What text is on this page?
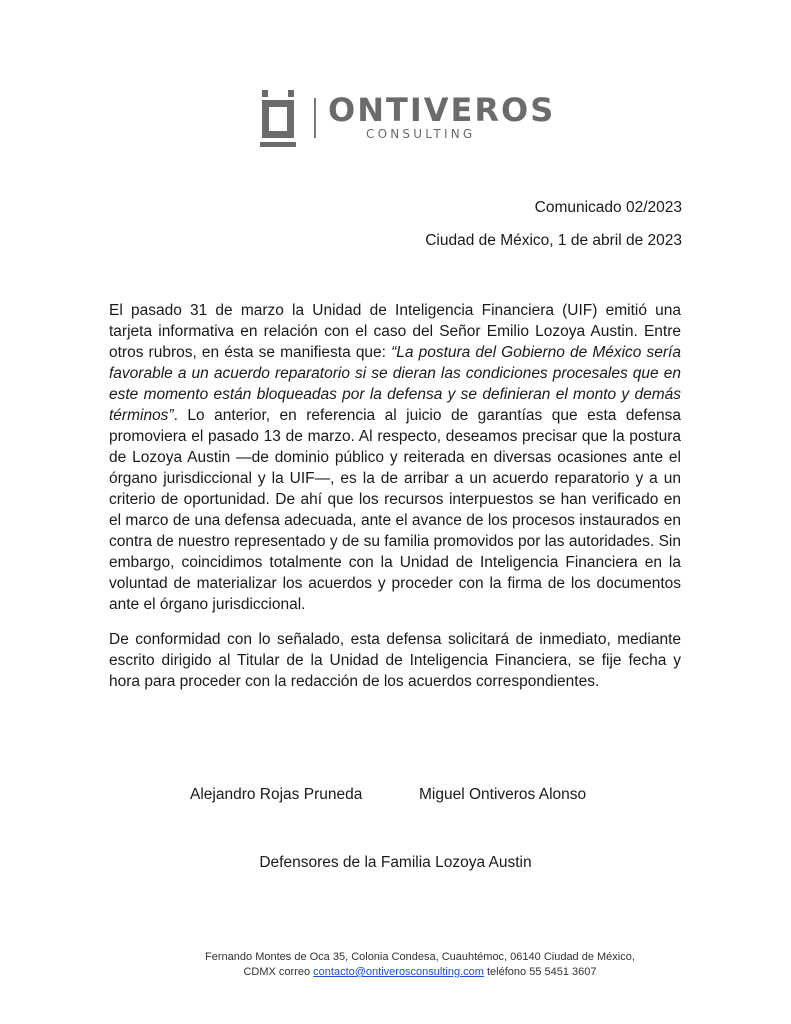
ONTIVEROS
CONSULTING
Comunicado 02/2023
Ciudad de México, 1 de abril de 2023

El pasado 31 de marzo la Unidad de Inteligencia Financiera (UIF) emitió una tarjeta informativa en relación con el caso del Señor Emilio Lozoya Austin. Entre otros rubros, en ésta se manifiesta que: “La postura del Gobierno de México sería favorable a un acuerdo reparatorio si se dieran las condiciones procesales que en este momento están bloqueadas por la defensa y se definieran el monto y demás términos”. Lo anterior, en referencia al juicio de garantías que esta defensa promoviera el pasado 13 de marzo. Al respecto, deseamos precisar que la postura de Lozoya Austin —de dominio público y reiterada en diversas ocasiones ante el órgano jurisdiccional y la UIF—, es la de arribar a un acuerdo reparatorio y a un criterio de oportunidad. De ahí que los recursos interpuestos se han verificado en el marco de una defensa adecuada, ante el avance de los procesos instaurados en contra de nuestro representado y de su familia promovidos por las autoridades. Sin embargo, coincidimos totalmente con la Unidad de Inteligencia Financiera en la voluntad de materializar los acuerdos y proceder con la firma de los documentos ante el órgano jurisdiccional.

De conformidad con lo señalado, esta defensa solicitará de inmediato, mediante escrito dirigido al Titular de la Unidad de Inteligencia Financiera, se fije fecha y hora para proceder con la redacción de los acuerdos correspondientes.

Alejandro Rojas Pruneda	Miguel Ontiveros Alonso
Defensores de la Familia Lozoya Austin
Fernando Montes de Oca 35, Colonia Condesa, Cuauhtémoc, 06140 Ciudad de México,
CDMX correo contacto@ontiverosconsulting.com teléfono 55 5451 3607
